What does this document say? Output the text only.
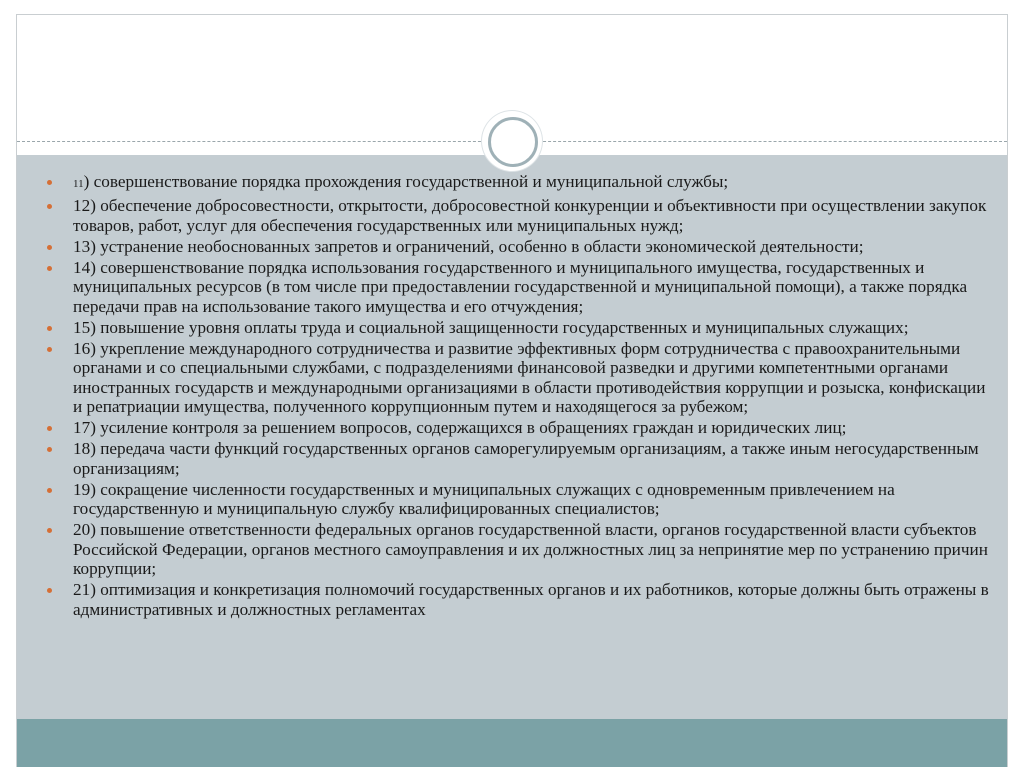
11) совершенствование порядка прохождения государственной и муниципальной службы;
12) обеспечение добросовестности, открытости, добросовестной конкуренции и объективности при осуществлении закупок товаров, работ, услуг для обеспечения государственных или муниципальных нужд;
13) устранение необоснованных запретов и ограничений, особенно в области экономической деятельности;
14) совершенствование порядка использования государственного и муниципального имущества, государственных и муниципальных ресурсов (в том числе при предоставлении государственной и муниципальной помощи), а также порядка передачи прав на использование такого имущества и его отчуждения;
15) повышение уровня оплаты труда и социальной защищенности государственных и муниципальных служащих;
16) укрепление международного сотрудничества и развитие эффективных форм сотрудничества с правоохранительными органами и со специальными службами, с подразделениями финансовой разведки и другими компетентными органами иностранных государств и международными организациями в области противодействия коррупции и розыска, конфискации и репатриации имущества, полученного коррупционным путем и находящегося за рубежом;
17) усиление контроля за решением вопросов, содержащихся в обращениях граждан и юридических лиц;
18) передача части функций государственных органов саморегулируемым организациям, а также иным негосударственным организациям;
19) сокращение численности государственных и муниципальных служащих с одновременным привлечением на государственную и муниципальную службу квалифицированных специалистов;
20) повышение ответственности федеральных органов государственной власти, органов государственной власти субъектов Российской Федерации, органов местного самоуправления и их должностных лиц за непринятие мер по устранению причин коррупции;
21) оптимизация и конкретизация полномочий государственных органов и их работников, которые должны быть отражены в административных и должностных регламентах
